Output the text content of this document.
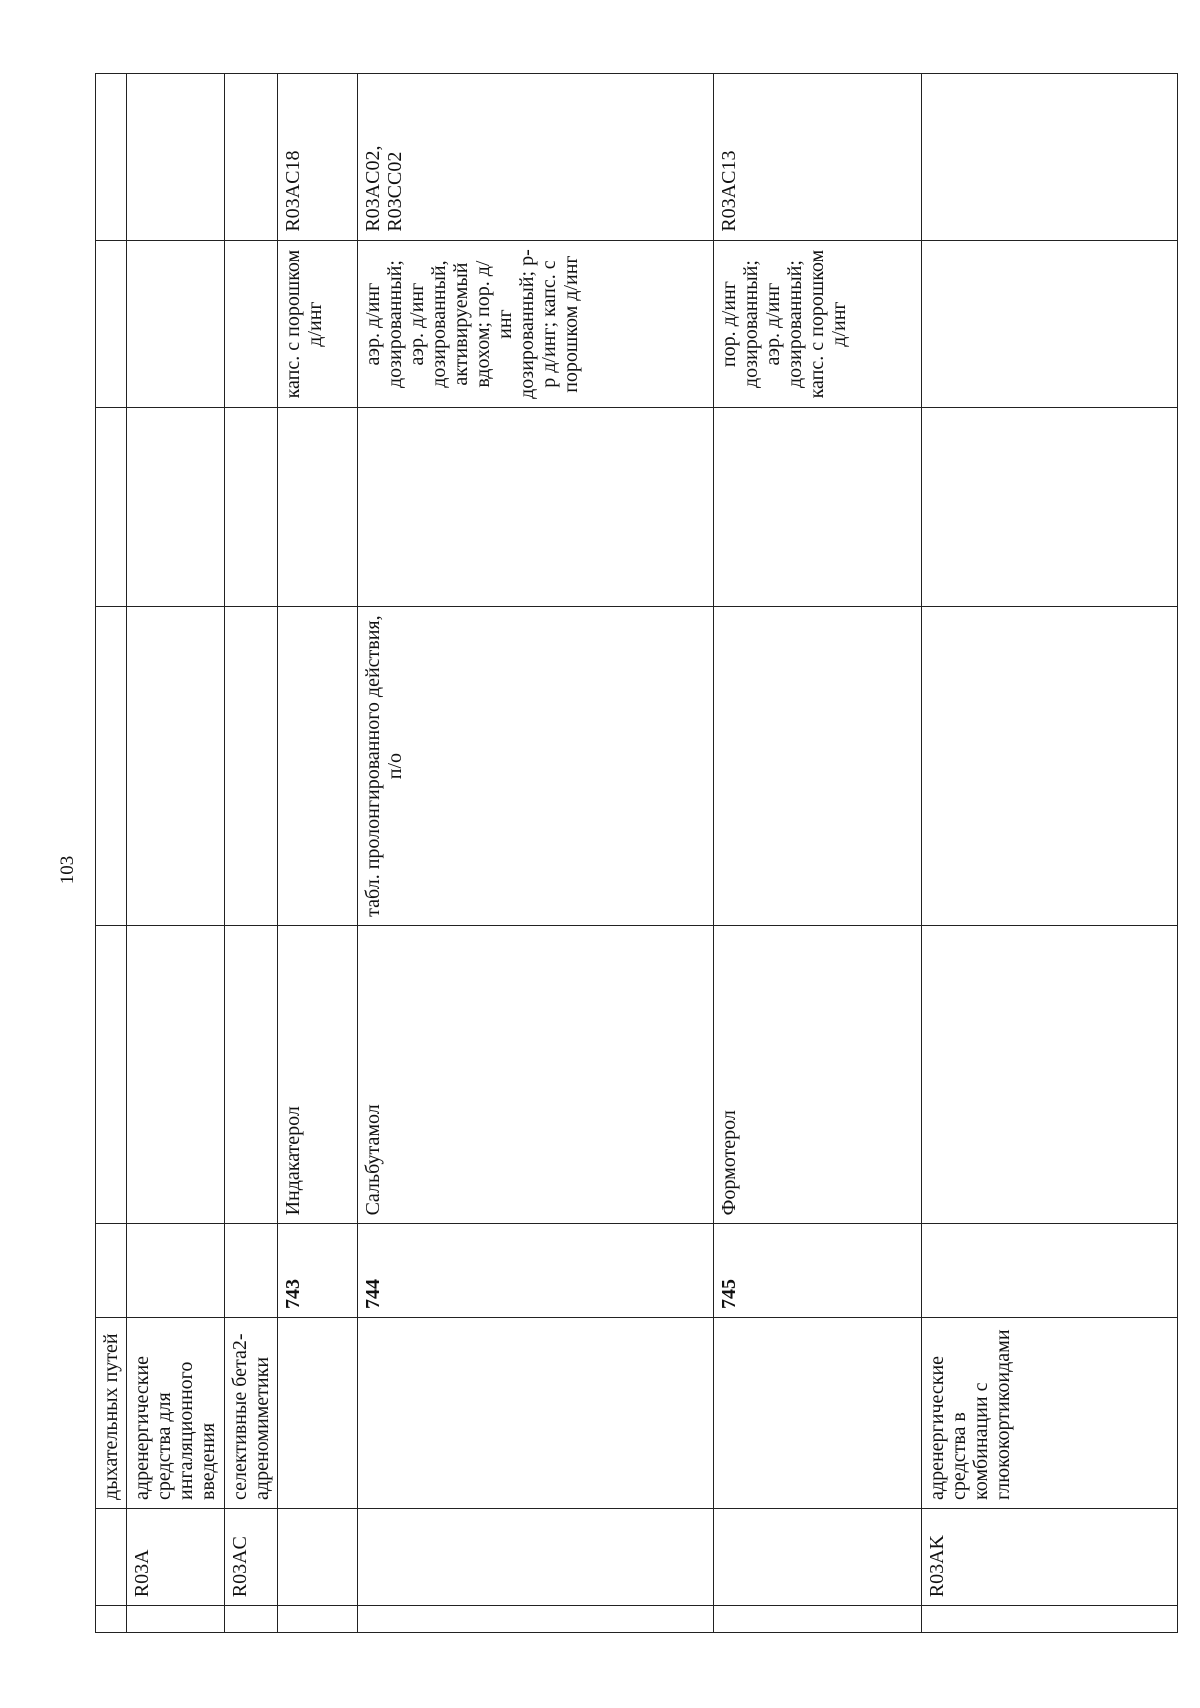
103
		дыхательных путей						
	R03A	адренергические средства для ингаляционного введения						
	R03AC	селективные бета2-адреномиметики						
			743	Индакатерол			капс. с порошком д/инг	R03AC18
			744	Сальбутамол	табл. пролонгированного действия, п/о		аэр. д/инг дозированный; аэр. д/инг дозированный, активируемый вдохом; пор. д/инг дозированный; р-р д/инг; капс. с порошком д/инг	R03AC02, R03CC02
			745	Формотерол			пор. д/инг дозированный; аэр. д/инг дозированный; капс. с порошком д/инг	R03AC13
	R03AK	адренергические средства в комбинации с глюкокортикоидами						
